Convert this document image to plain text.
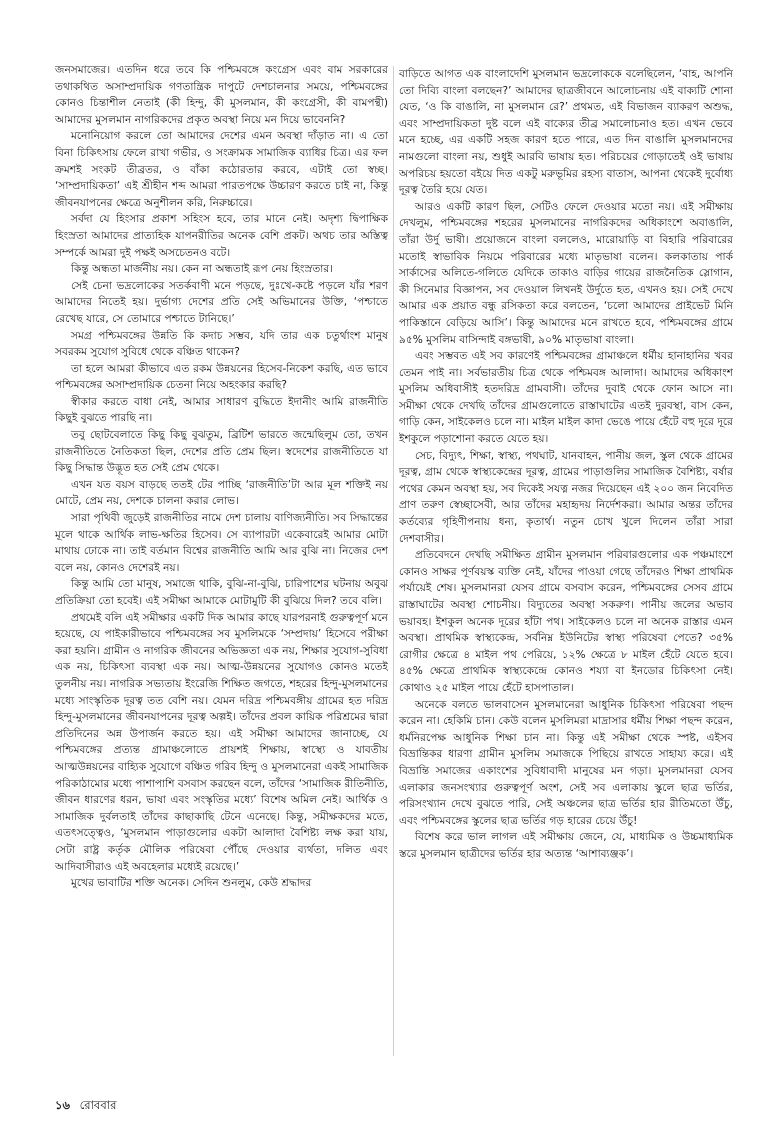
জনসমাজের। এতদিন ধরে তবে কি পশ্চিমবঙ্গে কংগ্রেস এবং বাম সরকারের তথাকথিত অসাম্প্রদায়িক গণতান্ত্রিক দাপুটে দেশচালনার সময়ে, পশ্চিমবঙ্গের কোনও চিন্তাশীল নেতাই (কী হিন্দু, কী মুসলমান, কী কংগ্রেসী, কী বামপন্থী) আমাদের মুসলমান নাগরিকদের প্রকৃত অবস্থা নিয়ে মন দিয়ে ভাবেননি?

মনোনিয়োগ করলে তো আমাদের দেশের এমন অবস্থা দাঁড়াত না। এ তো বিনা চিকিৎসায় ফেলে রাখা গভীর, ও সংক্রামক সামাজিক ব্যাধির চিত্র। এর ফল ক্রমশই সংকট তীব্রতর, ও বাঁকা কঠোরতার করবে, এটাই তো স্বচ্ছ। ‘সাম্প্রদায়িকতা’ এই শ্রীহীন শব্দ আমরা পারতপক্ষে উচ্চারণ করতে চাই না, কিন্তু জীবনযাপনের ক্ষেত্রে অনুশীলন করি, নিরুচ্চারে।

সর্বদা যে হিংসার প্রকাশ সহিংস হবে, তার মানে নেই। অদৃশ্য দ্বিপাক্ষিক হিংস্রতা আমাদের প্রাত্যহিক যাপনরীতির অনেক বেশি প্রকট। অথচ তার অস্তিত্ব সম্পর্কে আমরা দুই পক্ষই অসচেতনও বটে।

কিন্তু অন্ধতা মার্জনীয় নয়। কেন না অন্ধতাই রূপ নেয় হিংস্রতার।

সেই চেনা ভদ্রলোকের সতর্কবাণী মনে পড়ছে, দুঃখে-কষ্টে পড়লে যাঁর শরণ আমাদের নিতেই হয়। দুর্ভাগ্য দেশের প্রতি সেই অভিমানের উক্তি, ‘পশ্চাতে রেখেছ যারে, সে তোমারে পশ্চাতে টানিছে।’

সমগ্র পশ্চিমবঙ্গের উন্নতি কি কদাচ সম্ভব, যদি তার এক চতুর্থাংশ মানুষ সবরকম সুযোগ সুবিধে থেকে বঞ্চিত থাকেন?

তা হলে আমরা কীভাবে এত রকম উন্নয়নের হিসেব-নিকেশ করছি, এত ভাবে পশ্চিমবঙ্গের অসাম্প্রদায়িক চেতনা নিয়ে অহংকার করছি?

স্বীকার করতে বাধা নেই, আমার সাধারণ বুদ্ধিতে ইদানীং আমি রাজনীতি কিছুই বুঝতে পারছি না।

তবু ছোটবেলাতে কিছু কিছু বুঝতুম, ব্রিটিশ ভারতে জন্মেছিলুম তো, তখন রাজনীতিতে নৈতিকতা ছিল, দেশের প্রতি প্রেম ছিল। স্বদেশের রাজনীতিতে যা কিছু সিদ্ধান্ত উদ্ভূত হত সেই প্রেম থেকে।

এখন যত বয়স বাড়ছে ততই টের পাচ্ছি ‘রাজনীতি’টা আর মূল শক্তিই নয় মোটে, প্রেম নয়, দেশকে চালনা করার লোভ।

সারা পৃথিবী জুড়েই রাজনীতির নামে দেশ চালায় বাণিজ্যনীতি। সব সিদ্ধান্তের মূলে থাকে আর্থিক লাভ-ক্ষতির হিসেব। সে ব্যাপারটা একেবারেই আমার মোটা মাথায় ঢোকে না। তাই বর্তমান বিশ্বের রাজনীতি আমি আর বুঝি না। নিজের দেশ বলে নয়, কোনও দেশেরই নয়।

কিন্তু আমি তো মানুষ, সমাজে থাকি, বুঝি-না-বুঝি, চারিপাশের ঘটনায় অবুঝ প্রতিক্রিয়া তো হবেই। এই সমীক্ষা আমাকে মোটামুটি কী বুঝিয়ে দিল? তবে বলি।

প্রথমেই বলি এই সমীক্ষার একটি দিক আমার কাছে যারপরনাই গুরুত্বপূর্ণ মনে হয়েছে, যে পাইকারীভাবে পশ্চিমবঙ্গের সব মুসলিমকে ‘সম্প্রদায়’ হিসেবে পরীক্ষা করা হয়নি। গ্রামীন ও নাগরিক জীবনের অভিজ্ঞতা এক নয়, শিক্ষার সুযোগ-সুবিধা এক নয়, চিকিৎসা ব্যবস্থা এক নয়। আত্ম-উন্নয়নের সুযোগও কোনও মতেই তুলনীয় নয়। নাগরিক সভ্যতায় ইংরেজি শিক্ষিত জগতে, শহরের হিন্দু-মুসলমানের মধ্যে সাংস্কৃতিক দূরত্ব তত বেশি নয়। যেমন দরিদ্র পশ্চিমবঙ্গীয় গ্রামের হত দরিদ্র হিন্দু-মুসলমানের জীবনযাপনের দূরত্ব অল্পই। তাঁদের প্রবল কায়িক পরিশ্রমের দ্বারা প্রতিদিনের অন্ন উপার্জন করতে হয়। এই সমীক্ষা আমাদের জানাচ্ছে, যে পশ্চিমবঙ্গের প্রত্যন্ত গ্রামাঞ্চলোতে প্রায়শই শিক্ষায়, স্বাস্থ্যে ও যাবতীয় আত্মউন্নয়নের বাহ্যিক সুযোগে বঞ্চিত গরিব হিন্দু ও মুসলমানেরা একই সামাজিক পরিকাঠামোর মধ্যে পাশাপাশি বসবাস করছেন বলে, তাঁদের ‘সামাজিক রীতিনীতি, জীবন ধারণের ধরন, ভাষা এবং সংস্কৃতির মধ্যে’ বিশেষ অমিল নেই। আর্থিক ও সামাজিক দুর্বলতাই তাঁদের কাছাকাছি টেনে এনেছে। কিন্তু, সমীক্ষকদের মতে, এতৎসত্ত্বেও, ‘মুসলমান পাড়াগুলোর একটা আলাদা বৈশিষ্ট্য লক্ষ করা যায়, সেটা রাষ্ট্র কর্তৃক মৌলিক পরিষেবা পৌঁছে দেওয়ার ব্যর্থতা, দলিত এবং আদিবাসীরাও এই অবহেলার মধ্যেই রয়েছে।’

মুখের ভাবাটির শক্তি অনেক। সেদিন শুনলুম, কেউ শ্রদ্ধাদর

বাড়িতে আগত এক বাংলাদেশি মুসলমান ভদ্রলোককে বলেছিলেন, ‘বাহ, আপনি তো দিব্যি বাংলা বলছেন?’ আমাদের ছাত্রজীবনে আলোচনায় এই বাক্যটি শোনা যেত, ‘ও কি বাঙালি, না মুসলমান রে?’ প্রথমত, এই বিভাজন ব্যাকরণ অশুদ্ধ, এবং সাম্প্রদায়িকতা দুষ্ট বলে এই বাক্যের তীব্র সমালোচনাও হত। এখন ভেবে মনে হচ্ছে, এর একটি সহজ কারণ হতে পারে, এত দিন বাঙালি মুসলমানদের নামগুলো বাংলা নয়, শুধুই আরবি ভাষায় হত। পরিচয়ের গোড়াতেই ওই ভাষায় অপরিচয় হয়তো বইয়ে দিত একটু মরুভূমির রহস্য বাতাস, আপনা থেকেই দুর্বোধ্য দূরত্ব তৈরি হয়ে যেত।

আরও একটি কারণ ছিল, সেটিও ফেলে দেওয়ার মতো নয়। এই সমীক্ষায় দেখলুম, পশ্চিমবঙ্গের শহরের মুসলমানের নাগরিকদের অধিকাংশে অবাঙালি, তাঁরা উর্দু ভাষী। প্রয়োজনে বাংলা বললেও, মারোয়াড়ি বা বিহারি পরিবারের মতোই স্বাভাবিক নিয়মে পরিবারের মধ্যে মাতৃভাষা বলেন। কলকাতায় পার্ক সার্কাসের অলিতে-গলিতে যেদিকে তাকাও বাড়ির গায়ের রাজনৈতিক স্লোগান, কী সিনেমার বিজ্ঞাপন, সব দেওয়াল লিখনই উর্দুতে হত, এখনও হয়। সেই দেখে আমার এক প্রয়াত বন্ধু রসিকতা করে বলতেন, ‘চলো আমাদের প্রাইভেট মিনি পাকিস্তানে বেড়িয়ে আসি’। কিন্তু আমাদের মনে রাখতে হবে, পশ্চিমবঙ্গের গ্রামে ৯৫% মুসলিম বাসিন্দাই বঙ্গভাষী, ৯০% মাতৃভাষা বাংলা।

এবং সম্ভবত এই সব কারণেই পশ্চিমবঙ্গের গ্রামাঞ্চলে ধর্মীয় হানাহানির খবর তেমন পাই না। সর্বভারতীয় চিত্র থেকে পশ্চিমবঙ্গ আলাদা। আমাদের অধিকাংশ মুসলিম অধিবাসীই হতদরিদ্র গ্রামবাসী। তাঁদের দুবাই থেকে ফোন আসে না। সমীক্ষা থেকে দেখছি তাঁদের গ্রামগুলোতে রাস্তাঘাটের এতই দুরবস্থা, বাস কেন, গাড়ি কেন, সাইকেলও চলে না। মাইল মাইল কাদা ভেঙে পায়ে হেঁটে বহু দূরে দূরে ইশকুলে পড়াশোনা করতে যেতে হয়।

সেচ, বিদ্যুৎ, শিক্ষা, স্বাস্থ্য, পথঘাট, যানবাহন, পানীয় জল, স্কুল থেকে গ্রামের দূরত্ব, গ্রাম থেকে স্বাস্থ্যকেন্দ্রের দূরত্ব, গ্রামের পাড়াগুলির সামাজিক বৈশিষ্ট্য, বর্ষার পথের কেমন অবস্থা হয়, সব দিকেই সযত্ন নজর দিয়েছেন এই ২০০ জন নিবেদিত প্রাণ তরুণ স্বেচ্ছাসেবী, আর তাঁদের মহাহৃদয় নির্দেশকরা। আমার অন্তর তাঁদের কর্তব্যের গৃহিণীপনায় ধন্য, কৃতার্থ। নতুন চোখ খুলে দিলেন তাঁরা সারা দেশবাসীর।

প্রতিবেদনে দেখছি সমীক্ষিত গ্রামীন মুসলমান পরিবারগুলোর এক পঞ্চমাংশে কোনও সাক্ষর পূর্ণবয়স্ক ব্যক্তি নেই, যাঁদের পাওয়া গেছে তাঁদেরও শিক্ষা প্রাথমিক পর্যায়েই শেষ। মুসলমানরা যেসব গ্রামে বসবাস করেন, পশ্চিমবঙ্গের সেসব গ্রামে রাস্তাঘাটের অবস্থা শোচনীয়। বিদ্যুতের অবস্থা সকরুণ। পানীয় জলের অভাব ভয়াবহ। ইশকুল অনেক দূরের হাঁটা পথ। সাইকেলও চলে না অনেক রাস্তার এমন অবস্থা। প্রাথমিক স্বাস্থ্যকেন্দ্র, সর্বনিম্ন ইউনিটের স্বাস্থ্য পরিষেবা পেতে? ৩৫% রোগীর ক্ষেত্রে ৪ মাইল পথ পেরিয়ে, ১২% ক্ষেত্রে ৮ মাইল হেঁটে যেতে হবে। ৪৫% ক্ষেত্রে প্রাথমিক স্বাস্থ্যকেন্দ্রে কোনও শয্যা বা ইনডোর চিকিৎসা নেই। কোথাও ২৫ মাইল পায়ে হেঁটে হাসপাতাল।

অনেকে বলতে ভালবাসেন মুসলমানেরা আধুনিক চিকিৎসা পরিষেবা পছন্দ করেন না। হেকিমি চান। কেউ বলেন মুসলিমরা মাদ্রাসার ধর্মীয় শিক্ষা পছন্দ করেন, ধর্মনিরপেক্ষ আধুনিক শিক্ষা চান না। কিন্তু এই সমীক্ষা থেকে স্পষ্ট, এইসব বিভ্রান্তিকর ধারণা গ্রামীন মুসলিম সমাজকে পিছিয়ে রাখতে সাহায্য করে। এই বিভ্রান্তি সমাজের একাংশের সুবিধাবাদী মানুষের মন গড়া। মুসলমানরা যেসব এলাকার জনসংখ্যার গুরুত্বপূর্ণ অংশ, সেই সব এলাকায় স্কুলে ছাত্র ভর্তির, পরিসংখ্যান দেখে বুঝতে পারি, সেই অঞ্চলের ছাত্র ভর্তির হার রীতিমতো উঁচু, এবং পশ্চিমবঙ্গের স্কুলের ছাত্র ভর্তির গড় হারের চেয়ে উঁচু!

বিশেষ করে ভাল লাগল এই সমীক্ষায় জেনে, যে, মাধ্যমিক ও উচ্চমাধ্যমিক স্তরে মুসলমান ছাত্রীদের ভর্তির হার অত্যন্ত ‘আশাব্যঞ্জক’।

১৬ রোববার
